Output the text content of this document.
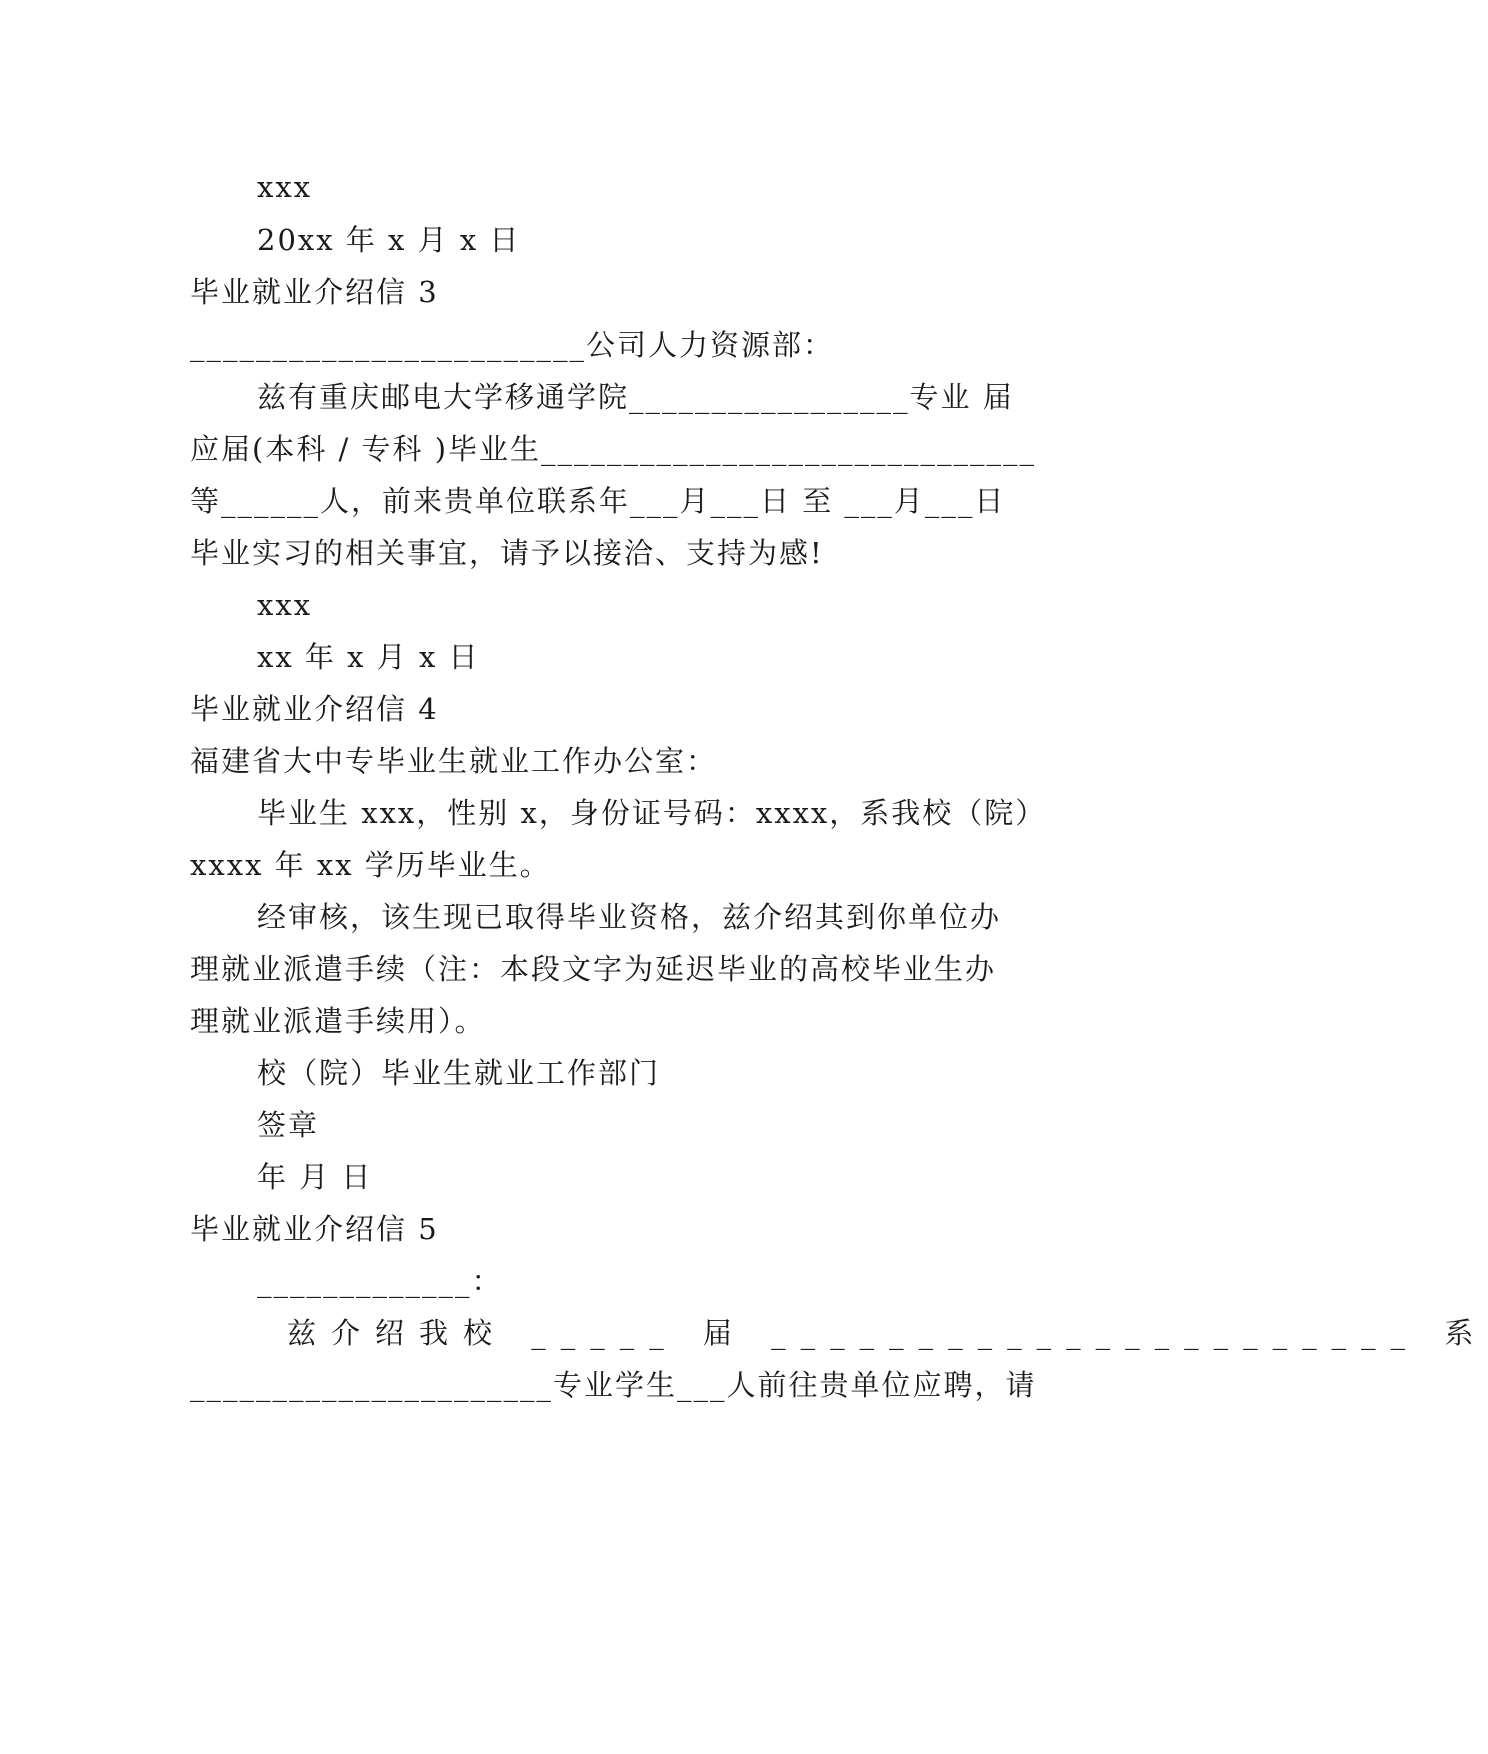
xxx
20xx 年 x 月 x 日
毕业就业介绍信 3
________________________公司人力资源部：
兹有重庆邮电大学移通学院_________________专业 届
应届(本科 / 专科 )毕业生______________________________
等______人，前来贵单位联系年___月___日 至 ___月___日
毕业实习的相关事宜，请予以接洽、支持为感!
xxx
xx 年 x 月 x 日
毕业就业介绍信 4
福建省大中专毕业生就业工作办公室：
毕业生 xxx，性别 x，身份证号码：xxxx，系我校（院）
xxxx 年 xx 学历毕业生。
经审核，该生现已取得毕业资格，兹介绍其到你单位办
理就业派遣手续（注：本段文字为延迟毕业的高校毕业生办
理就业派遣手续用）。
校（院）毕业生就业工作部门
签章
年 月 日
毕业就业介绍信 5
_____________：
兹介绍我校 _____ 届 ______________________ 系
______________________专业学生___人前往贵单位应聘，请
